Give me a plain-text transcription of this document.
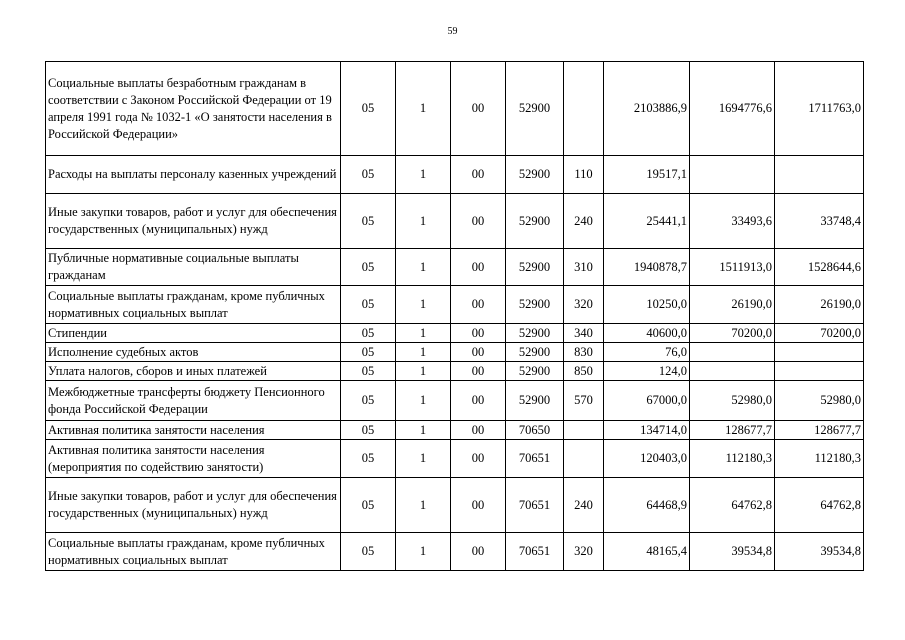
59
Социальные выплаты безработным гражданам в соответствии с Законом Российской Федерации от 19 апреля 1991 года № 1032-1 «О занятости населения в Российской Федерации»	05	1	00	52900		2103886,9	1694776,6	1711763,0
Расходы на выплаты персоналу казенных учреждений	05	1	00	52900	110	19517,1		
Иные закупки товаров, работ и услуг для обеспечения государственных (муниципальных) нужд	05	1	00	52900	240	25441,1	33493,6	33748,4
Публичные нормативные социальные выплаты гражданам	05	1	00	52900	310	1940878,7	1511913,0	1528644,6
Социальные выплаты гражданам, кроме публичных нормативных социальных выплат	05	1	00	52900	320	10250,0	26190,0	26190,0
Стипендии	05	1	00	52900	340	40600,0	70200,0	70200,0
Исполнение судебных актов	05	1	00	52900	830	76,0		
Уплата налогов, сборов и иных платежей	05	1	00	52900	850	124,0		
Межбюджетные трансферты бюджету Пенсионного фонда Российской Федерации	05	1	00	52900	570	67000,0	52980,0	52980,0
Активная политика занятости населения	05	1	00	70650		134714,0	128677,7	128677,7
Активная политика занятости населения (мероприятия по содействию занятости)	05	1	00	70651		120403,0	112180,3	112180,3
Иные закупки товаров, работ и услуг для обеспечения государственных (муниципальных) нужд	05	1	00	70651	240	64468,9	64762,8	64762,8
Социальные выплаты гражданам, кроме публичных нормативных социальных выплат	05	1	00	70651	320	48165,4	39534,8	39534,8
